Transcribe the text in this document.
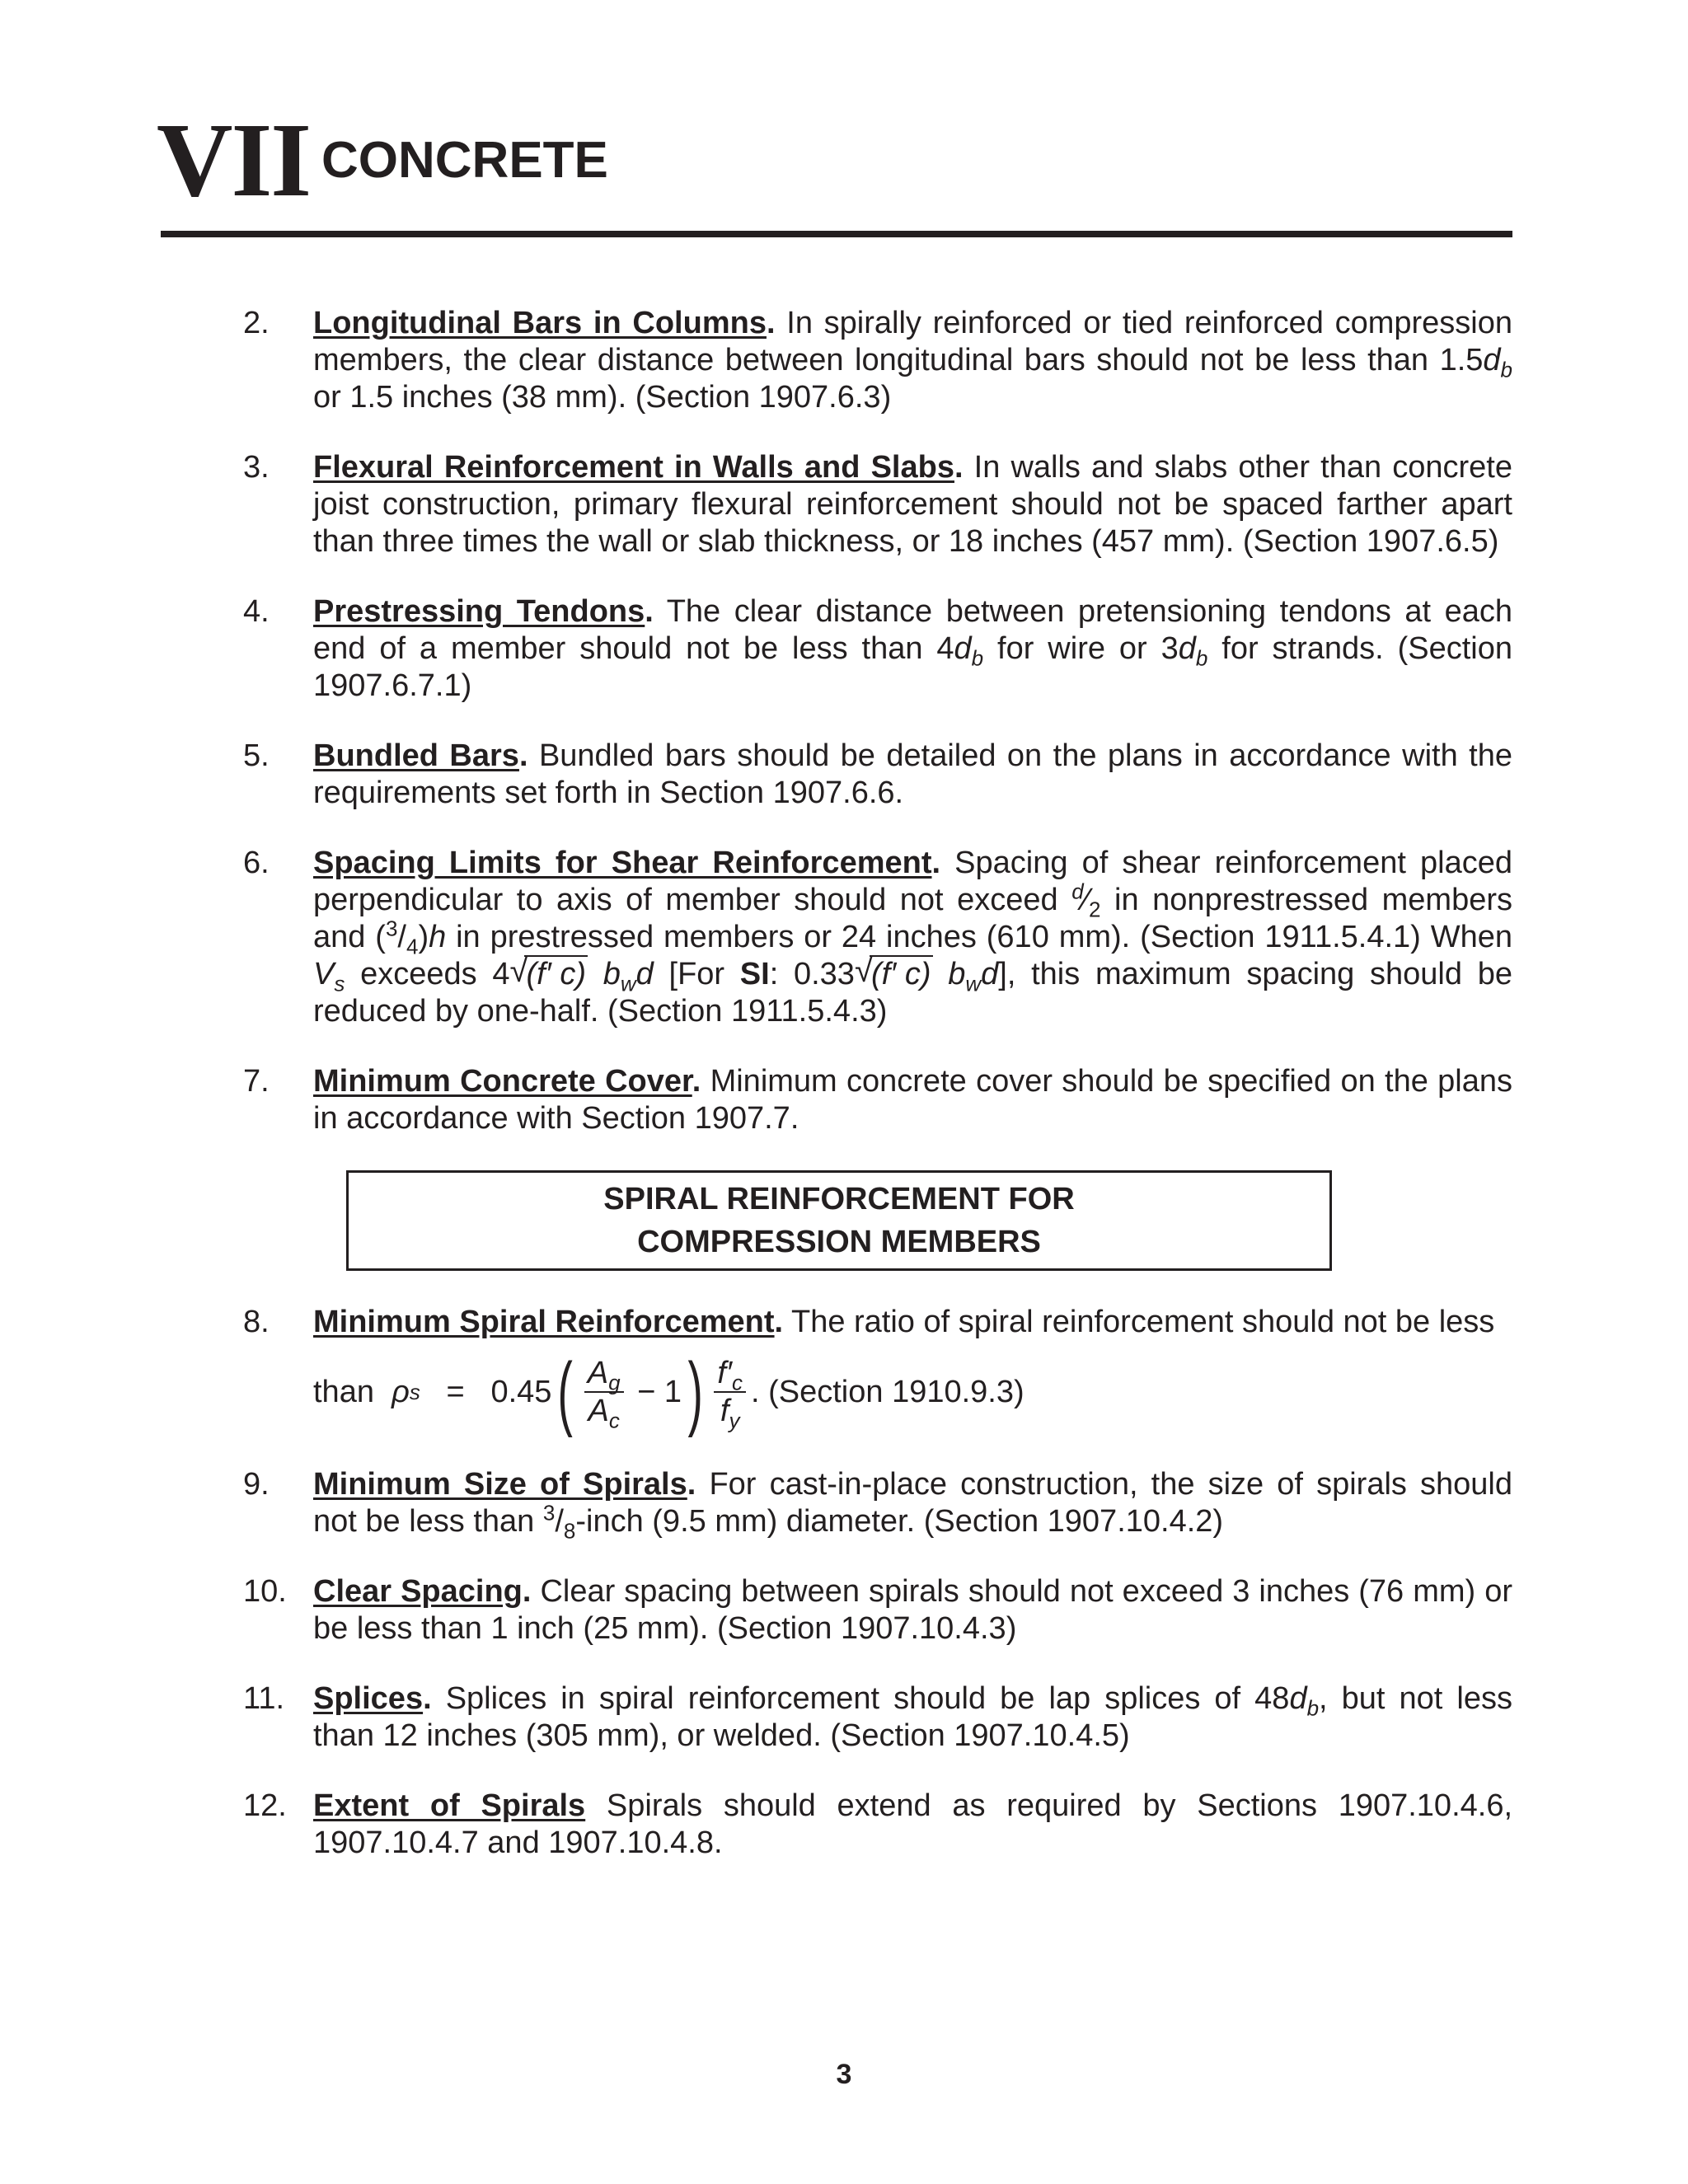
VII CONCRETE
2. Longitudinal Bars in Columns. In spirally reinforced or tied reinforced compression members, the clear distance between longitudinal bars should not be less than $1.5d_b$ or 1.5 inches (38 mm). (Section 1907.6.3)
3. Flexural Reinforcement in Walls and Slabs. In walls and slabs other than concrete joist construction, primary flexural reinforcement should not be spaced farther apart than three times the wall or slab thickness, or 18 inches (457 mm). (Section 1907.6.5)
4. Prestressing Tendons. The clear distance between pretensioning tendons at each end of a member should not be less than $4d_b$ for wire or $3d_b$ for strands. (Section 1907.6.7.1)
5. Bundled Bars. Bundled bars should be detailed on the plans in accordance with the requirements set forth in Section 1907.6.6.
6. Spacing Limits for Shear Reinforcement. Spacing of shear reinforcement placed perpendicular to axis of member should not exceed $^d⁄_2$ in nonprestressed members and $(^3/_4)h$ in prestressed members or 24 inches (610 mm). (Section 1911.5.4.1) When $V_s$ exceeds 4 √ (f′ c) $b_wd$ [For SI: 0.33 √ (f′ c) $b_wd$], this maximum spacing should be reduced by one-half. (Section 1911.5.4.3)
7. Minimum Concrete Cover. Minimum concrete cover should be specified on the plans in accordance with Section 1907.7.
SPIRAL REINFORCEMENT FOR
COMPRESSION MEMBERS
8. Minimum Spiral Reinforcement. The ratio of spiral reinforcement should not be less
than
ρ s
=
0.45 ( $\frac{A_g}{A_c}$
− 1 ) $\frac{f'_c}{f_y}$ . (Section 1910.9.3)
9. Minimum Size of Spirals. For cast-in-place construction, the size of spirals should not be less than $^3/_8$-inch (9.5 mm) diameter. (Section 1907.10.4.2)
10. Clear Spacing. Clear spacing between spirals should not exceed 3 inches (76 mm) or be less than 1 inch (25 mm). (Section 1907.10.4.3)
11. Splices. Splices in spiral reinforcement should be lap splices of $48d_b$, but not less than 12 inches (305 mm), or welded. (Section 1907.10.4.5)
12. Extent of Spirals Spirals should extend as required by Sections 1907.10.4.6, 1907.10.4.7 and 1907.10.4.8.
3
